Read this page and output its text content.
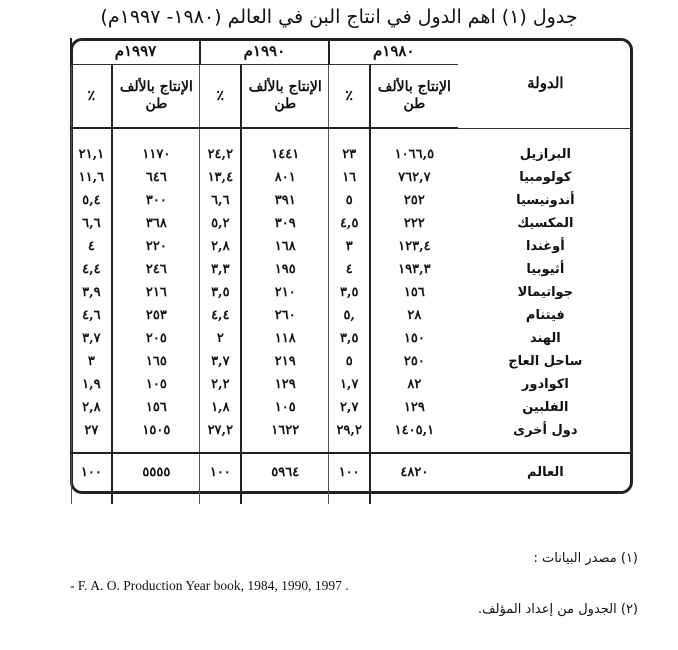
جدول (١) اهم الدول في انتاج البن في العالم (١٩٨٠- ١٩٩٧م)
الدولة	١٩٨٠م		١٩٩٠م		١٩٩٧م	
	الإنتاج بالألف طن	٪	الإنتاج بالألف طن	٪	الإنتاج بالألف طن	٪

البرازيل	١٠٦٦,٥	٢٣	١٤٤١	٢٤,٢	١١٧٠	٢١,١
كولومبيا	٧٦٢,٧	١٦	٨٠١	١٣,٤	٦٤٦	١١,٦
أندونيسيا	٢٥٢	٥	٣٩١	٦,٦	٣٠٠	٥,٤
المكسيك	٢٢٢	٤,٥	٣٠٩	٥,٢	٣٦٨	٦,٦
أوغندا	١٢٣,٤	٣	١٦٨	٢,٨	٢٢٠	٤
أثيوبيا	١٩٣,٣	٤	١٩٥	٣,٣	٢٤٦	٤,٤
جواتيمالا	١٥٦	٣,٥	٢١٠	٣,٥	٢١٦	٣,٩
فيتنام	٢٨	,٥	٢٦٠	٤,٤	٢٥٣	٤,٦
الهند	١٥٠	٣,٥	١١٨	٢	٢٠٥	٣,٧
ساحل العاج	٢٥٠	٥	٢١٩	٣,٧	١٦٥	٣
اكوادور	٨٢	١,٧	١٢٩	٢,٢	١٠٥	١,٩
الفلبين	١٢٩	٢,٧	١٠٥	١,٨	١٥٦	٢,٨
دول أخرى	١٤٠٥,١	٢٩,٢	١٦٢٢	٢٧,٢	١٥٠٥	٢٧

العالم	٤٨٢٠	١٠٠	٥٩٦٤	١٠٠	٥٥٥٥	١٠٠

(١) مصدر البيانات :
- F. A. O. Production Year book, 1984, 1990, 1997 .
(٢) الجدول من إعداد المؤلف.
